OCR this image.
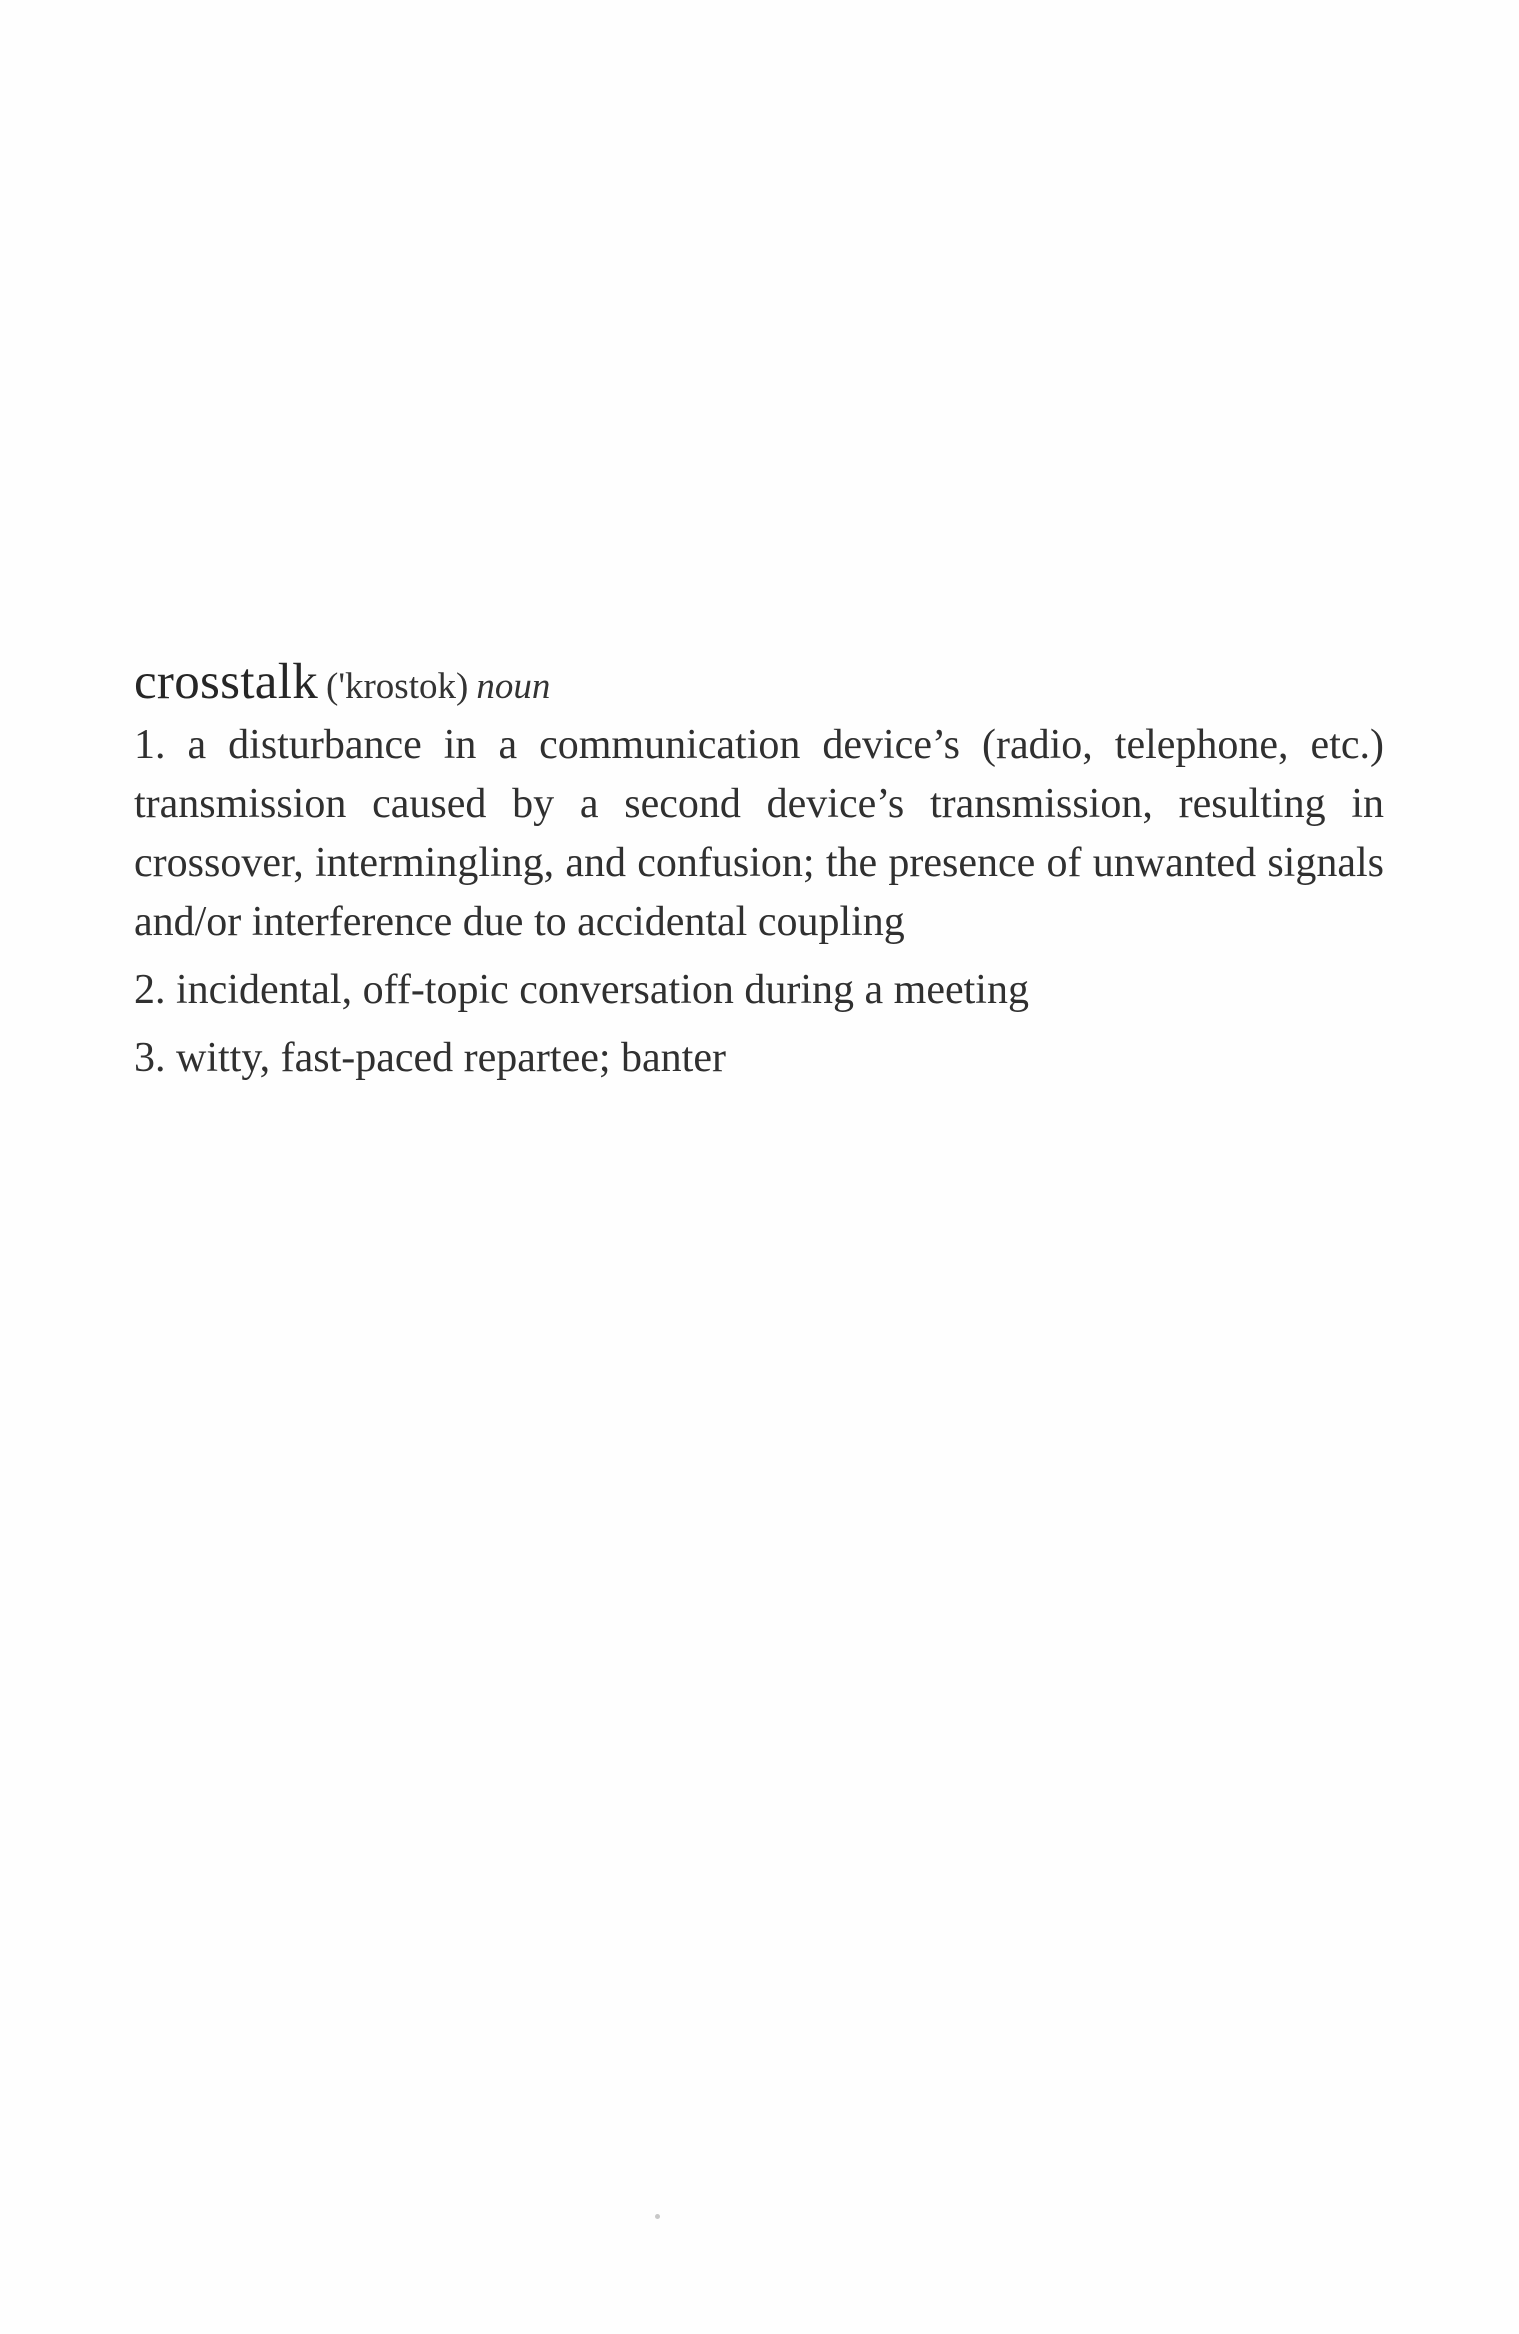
crosstalk ('krostok) noun

1. a disturbance in a communication device’s (radio, telephone, etc.) transmission caused by a second device’s transmission, resulting in crossover, intermingling, and confusion; the presence of unwanted signals and/or interference due to accidental coupling

2. incidental, off-topic conversation during a meeting

3. witty, fast-paced repartee; banter
